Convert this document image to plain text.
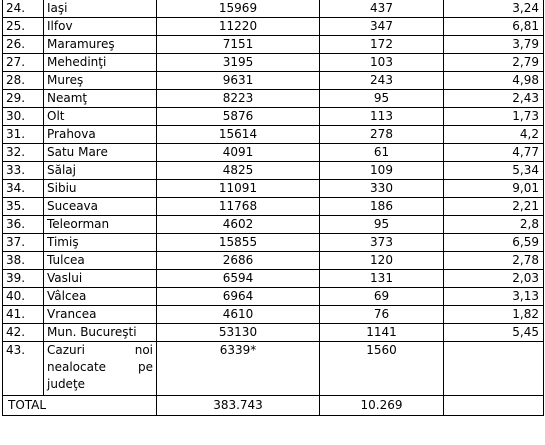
24.	Iaşi	15969	437	3,24
25.	Ilfov	11220	347	6,81
26.	Maramureş	7151	172	3,79
27.	Mehedinţi	3195	103	2,79
28.	Mureş	9631	243	4,98
29.	Neamţ	8223	95	2,43
30.	Olt	5876	113	1,73
31.	Prahova	15614	278	4,2
32.	Satu Mare	4091	61	4,77
33.	Sălaj	4825	109	5,34
34.	Sibiu	11091	330	9,01
35.	Suceava	11768	186	2,21
36.	Teleorman	4602	95	2,8
37.	Timiş	15855	373	6,59
38.	Tulcea	2686	120	2,78
39.	Vaslui	6594	131	2,03
40.	Vâlcea	6964	69	3,13
41.	Vrancea	4610	76	1,82
42.	Mun. Bucureşti	53130	1141	5,45
43.	Cazuri noi
nealocate pe
judeţe	6339*	1560	
TOTAL		383.743	10.269	
